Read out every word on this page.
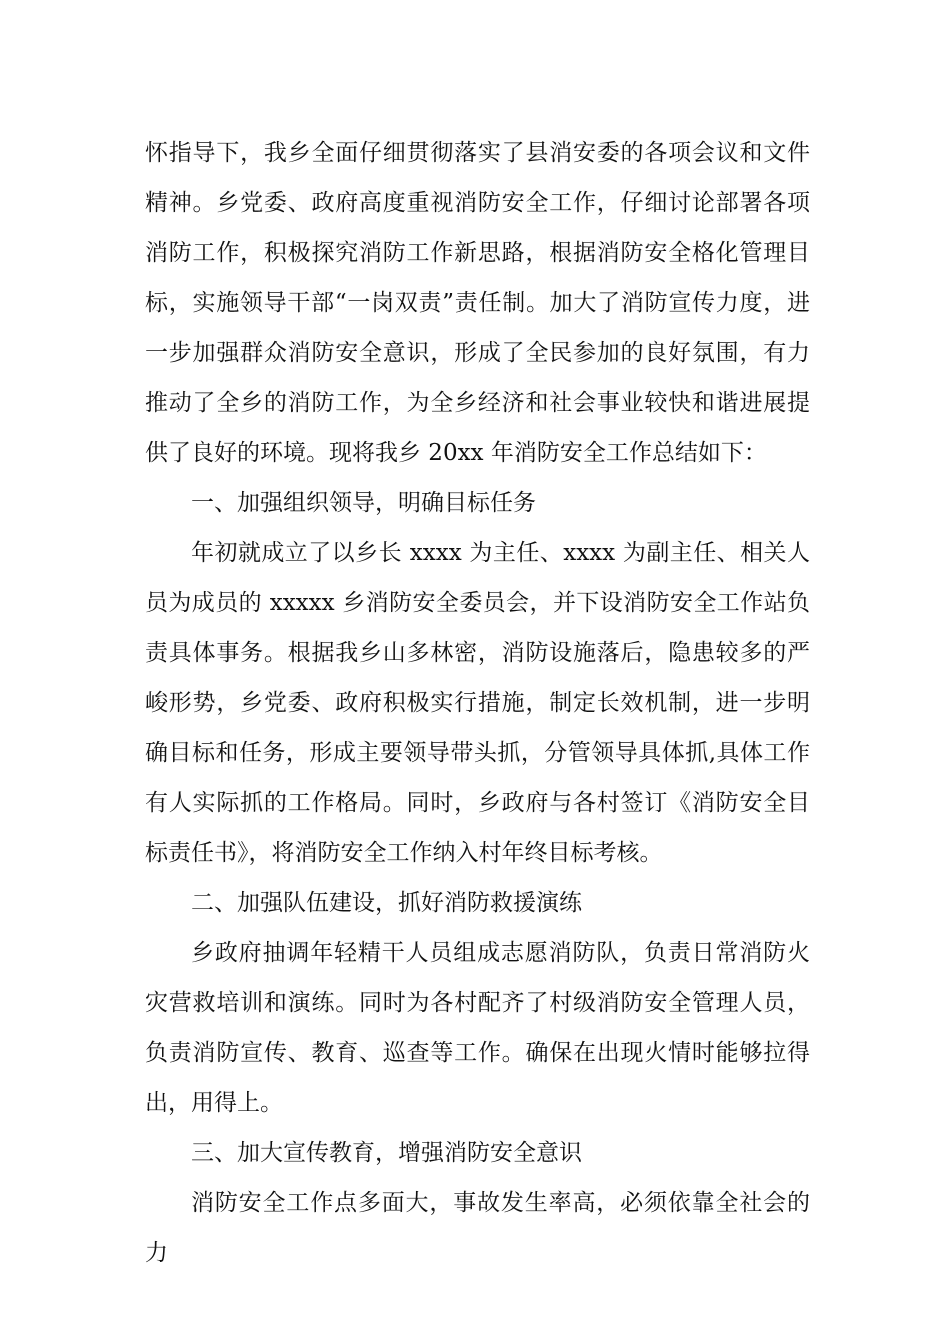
怀指导下，我乡全面仔细贯彻落实了县消安委的各项会议和文件精神。乡党委、政府高度重视消防安全工作，仔细讨论部署各项消防工作，积极探究消防工作新思路，根据消防安全格化管理目标，实施领导干部“一岗双责”责任制。加大了消防宣传力度，进一步加强群众消防安全意识，形成了全民参加的良好氛围，有力推动了全乡的消防工作，为全乡经济和社会事业较快和谐进展提供了良好的环境。现将我乡 20xx 年消防安全工作总结如下：

一、加强组织领导，明确目标任务

年初就成立了以乡长 xxxx 为主任、xxxx 为副主任、相关人员为成员的 xxxxx 乡消防安全委员会，并下设消防安全工作站负责具体事务。根据我乡山多林密，消防设施落后，隐患较多的严峻形势，乡党委、政府积极实行措施，制定长效机制，进一步明确目标和任务，形成主要领导带头抓，分管领导具体抓,具体工作有人实际抓的工作格局。同时，乡政府与各村签订《消防安全目标责任书》，将消防安全工作纳入村年终目标考核。

二、加强队伍建设，抓好消防救援演练

乡政府抽调年轻精干人员组成志愿消防队，负责日常消防火灾营救培训和演练。同时为各村配齐了村级消防安全管理人员，负责消防宣传、教育、巡查等工作。确保在出现火情时能够拉得出，用得上。

三、加大宣传教育，增强消防安全意识

消防安全工作点多面大，事故发生率高，必须依靠全社会的力
